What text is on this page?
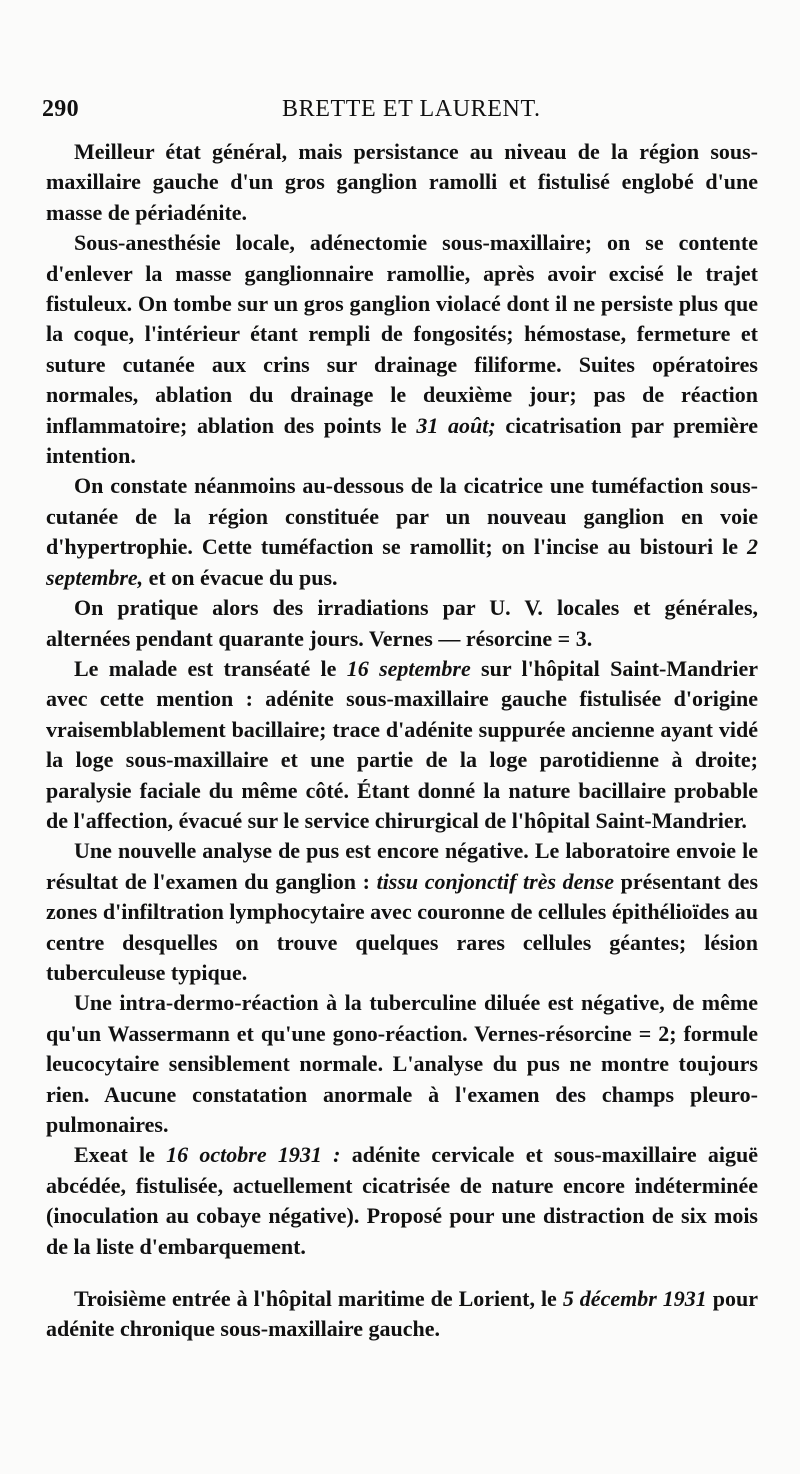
290	BRETTE ET LAURENT.

Meilleur état général, mais persistance au niveau de la région sous-maxillaire gauche d'un gros ganglion ramolli et fistulisé englobé d'une masse de périadénite.

Sous-anesthésie locale, adénectomie sous-maxillaire; on se contente d'enlever la masse ganglionnaire ramollie, après avoir excisé le trajet fistuleux. On tombe sur un gros ganglion violacé dont il ne persiste plus que la coque, l'intérieur étant rempli de fongosités; hémostase, fermeture et suture cutanée aux crins sur drainage filiforme. Suites opératoires normales, ablation du drainage le deuxième jour; pas de réaction inflammatoire; ablation des points le 31 août; cicatrisation par première intention.

On constate néanmoins au-dessous de la cicatrice une tuméfaction sous-cutanée de la région constituée par un nouveau ganglion en voie d'hypertrophie. Cette tuméfaction se ramollit; on l'incise au bistouri le 2 septembre, et on évacue du pus.

On pratique alors des irradiations par U. V. locales et générales, alternées pendant quarante jours. Vernes — résorcine = 3.

Le malade est transéaté le 16 septembre sur l'hôpital Saint-Mandrier avec cette mention : adénite sous-maxillaire gauche fistulisée d'origine vraisemblablement bacillaire; trace d'adénite suppurée ancienne ayant vidé la loge sous-maxillaire et une partie de la loge parotidienne à droite; paralysie faciale du même côté. Étant donné la nature bacillaire probable de l'affection, évacué sur le service chirurgical de l'hôpital Saint-Mandrier.

Une nouvelle analyse de pus est encore négative. Le laboratoire envoie le résultat de l'examen du ganglion : tissu conjonctif très dense présentant des zones d'infiltration lymphocytaire avec couronne de cellules épithélioïdes au centre desquelles on trouve quelques rares cellules géantes; lésion tuberculeuse typique.

Une intra-dermo-réaction à la tuberculine diluée est négative, de même qu'un Wassermann et qu'une gono-réaction. Vernes-résorcine = 2; formule leucocytaire sensiblement normale. L'analyse du pus ne montre toujours rien. Aucune constatation anormale à l'examen des champs pleuro-pulmonaires.

Exeat le 16 octobre 1931 : adénite cervicale et sous-maxillaire aiguë abcédée, fistulisée, actuellement cicatrisée de nature encore indéterminée (inoculation au cobaye négative). Proposé pour une distraction de six mois de la liste d'embarquement.

Troisième entrée à l'hôpital maritime de Lorient, le 5 décembr 1931 pour adénite chronique sous-maxillaire gauche.
